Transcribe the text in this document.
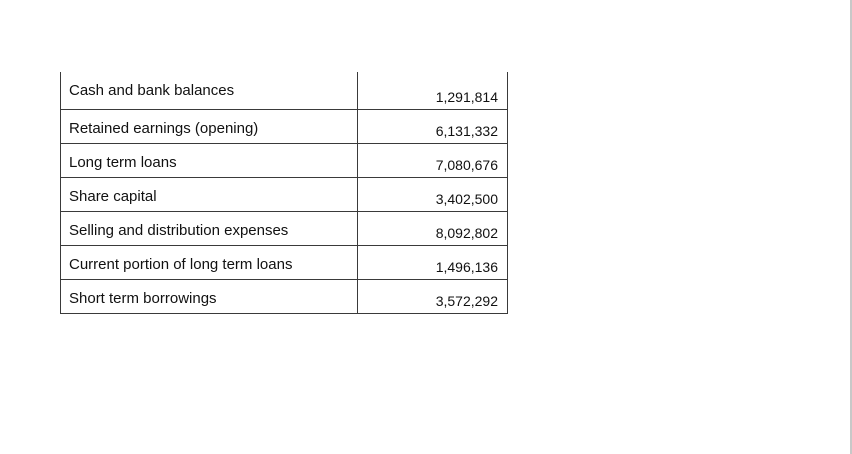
Cash and bank balances	1,291,814
Retained earnings (opening)	6,131,332
Long term loans	7,080,676
Share capital	3,402,500
Selling and distribution expenses	8,092,802
Current portion of long term loans	1,496,136
Short term borrowings	3,572,292
